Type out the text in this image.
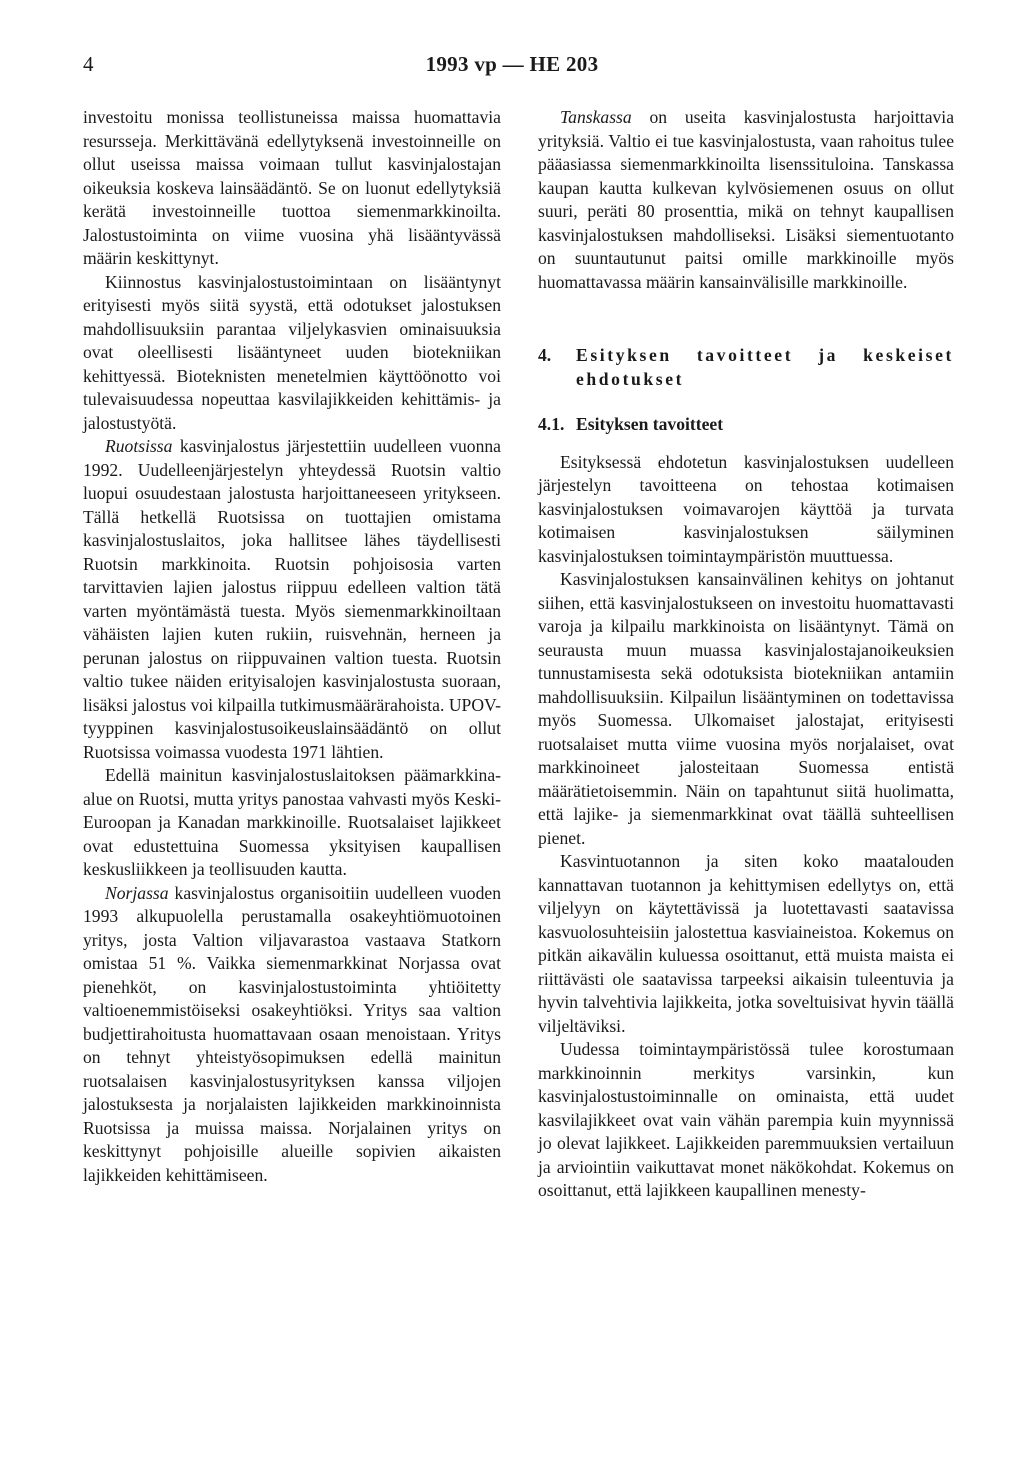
4	1993 vp — HE 203

investoitu monissa teollistuneissa maissa huomattavia resursseja. Merkittävänä edellytyksenä investoinneille on ollut useissa maissa voimaan tullut kasvinjalostajan oikeuksia koskeva lainsäädäntö. Se on luonut edellytyksiä kerätä investoinneille tuottoa siemenmarkkinoilta. Jalostustoiminta on viime vuosina yhä lisääntyvässä määrin keskittynyt.

Kiinnostus kasvinjalostustoimintaan on lisääntynyt erityisesti myös siitä syystä, että odotukset jalostuksen mahdollisuuksiin parantaa viljelykasvien ominaisuuksia ovat oleellisesti lisääntyneet uuden biotekniikan kehittyessä. Bioteknisten menetelmien käyttöönotto voi tulevaisuudessa nopeuttaa kasvilajikkeiden kehittämis- ja jalostustyötä.

Ruotsissa kasvinjalostus järjestettiin uudelleen vuonna 1992. Uudelleenjärjestelyn yhteydessä Ruotsin valtio luopui osuudestaan jalostusta harjoittaneeseen yritykseen. Tällä hetkellä Ruotsissa on tuottajien omistama kasvinjalostuslaitos, joka hallitsee lähes täydellisesti Ruotsin markkinoita. Ruotsin pohjoisosia varten tarvittavien lajien jalostus riippuu edelleen valtion tätä varten myöntämästä tuesta. Myös siemenmarkkinoiltaan vähäisten lajien kuten rukiin, ruisvehnän, herneen ja perunan jalostus on riippuvainen valtion tuesta. Ruotsin valtio tukee näiden erityisalojen kasvinjalostusta suoraan, lisäksi jalostus voi kilpailla tutkimusmäärärahoista. UPOV-tyyppinen kasvinjalostusoikeuslainsäädäntö on ollut Ruotsissa voimassa vuodesta 1971 lähtien.

Edellä mainitun kasvinjalostuslaitoksen päämarkkina-alue on Ruotsi, mutta yritys panostaa vahvasti myös Keski-Euroopan ja Kanadan markkinoille. Ruotsalaiset lajikkeet ovat edustettuina Suomessa yksityisen kaupallisen keskusliikkeen ja teollisuuden kautta.

Norjassa kasvinjalostus organisoitiin uudelleen vuoden 1993 alkupuolella perustamalla osakeyhtiömuotoinen yritys, josta Valtion viljavarastoa vastaava Statkorn omistaa 51 %. Vaikka siemenmarkkinat Norjassa ovat pienehköt, on kasvinjalostustoiminta yhtiöitetty valtioenemmistöiseksi osakeyhtiöksi. Yritys saa valtion budjettirahoitusta huomattavaan osaan menoistaan. Yritys on tehnyt yhteistyösopimuksen edellä mainitun ruotsalaisen kasvinjalostusyrityksen kanssa viljojen jalostuksesta ja norjalaisten lajikkeiden markkinoinnista Ruotsissa ja muissa maissa. Norjalainen yritys on keskittynyt pohjoisille alueille sopivien aikaisten lajikkeiden kehittämiseen.

Tanskassa on useita kasvinjalostusta harjoittavia yrityksiä. Valtio ei tue kasvinjalostusta, vaan rahoitus tulee pääasiassa siemenmarkkinoilta lisenssituloina. Tanskassa kaupan kautta kulkevan kylvösiemenen osuus on ollut suuri, peräti 80 prosenttia, mikä on tehnyt kaupallisen kasvinjalostuksen mahdolliseksi. Lisäksi siementuotanto on suuntautunut paitsi omille markkinoille myös huomattavassa määrin kansainvälisille markkinoille.

4.	Esityksen tavoitteet ja keskeiset ehdotukset
4.1. Esityksen tavoitteet

Esityksessä ehdotetun kasvinjalostuksen uudelleen järjestelyn tavoitteena on tehostaa kotimaisen kasvinjalostuksen voimavarojen käyttöä ja turvata kotimaisen kasvinjalostuksen säilyminen kasvinjalostuksen toimintaympäristön muuttuessa.

Kasvinjalostuksen kansainvälinen kehitys on johtanut siihen, että kasvinjalostukseen on investoitu huomattavasti varoja ja kilpailu markkinoista on lisääntynyt. Tämä on seurausta muun muassa kasvinjalostajanoikeuksien tunnustamisesta sekä odotuksista biotekniikan antamiin mahdollisuuksiin. Kilpailun lisääntyminen on todettavissa myös Suomessa. Ulkomaiset jalostajat, erityisesti ruotsalaiset mutta viime vuosina myös norjalaiset, ovat markkinoineet jalosteitaan Suomessa entistä määrätietoisemmin. Näin on tapahtunut siitä huolimatta, että lajike- ja siemenmarkkinat ovat täällä suhteellisen pienet.

Kasvintuotannon ja siten koko maatalouden kannattavan tuotannon ja kehittymisen edellytys on, että viljelyyn on käytettävissä ja luotettavasti saatavissa kasvuolosuhteisiin jalostettua kasviaineistoa. Kokemus on pitkän aikavälin kuluessa osoittanut, että muista maista ei riittävästi ole saatavissa tarpeeksi aikaisin tuleentuvia ja hyvin talvehtivia lajikkeita, jotka soveltuisivat hyvin täällä viljeltäviksi.

Uudessa toimintaympäristössä tulee korostumaan markkinoinnin merkitys varsinkin, kun kasvinjalostustoiminnalle on ominaista, että uudet kasvilajikkeet ovat vain vähän parempia kuin myynnissä jo olevat lajikkeet. Lajikkeiden paremmuuksien vertailuun ja arviointiin vaikuttavat monet näkökohdat. Kokemus on osoittanut, että lajikkeen kaupallinen menesty-
